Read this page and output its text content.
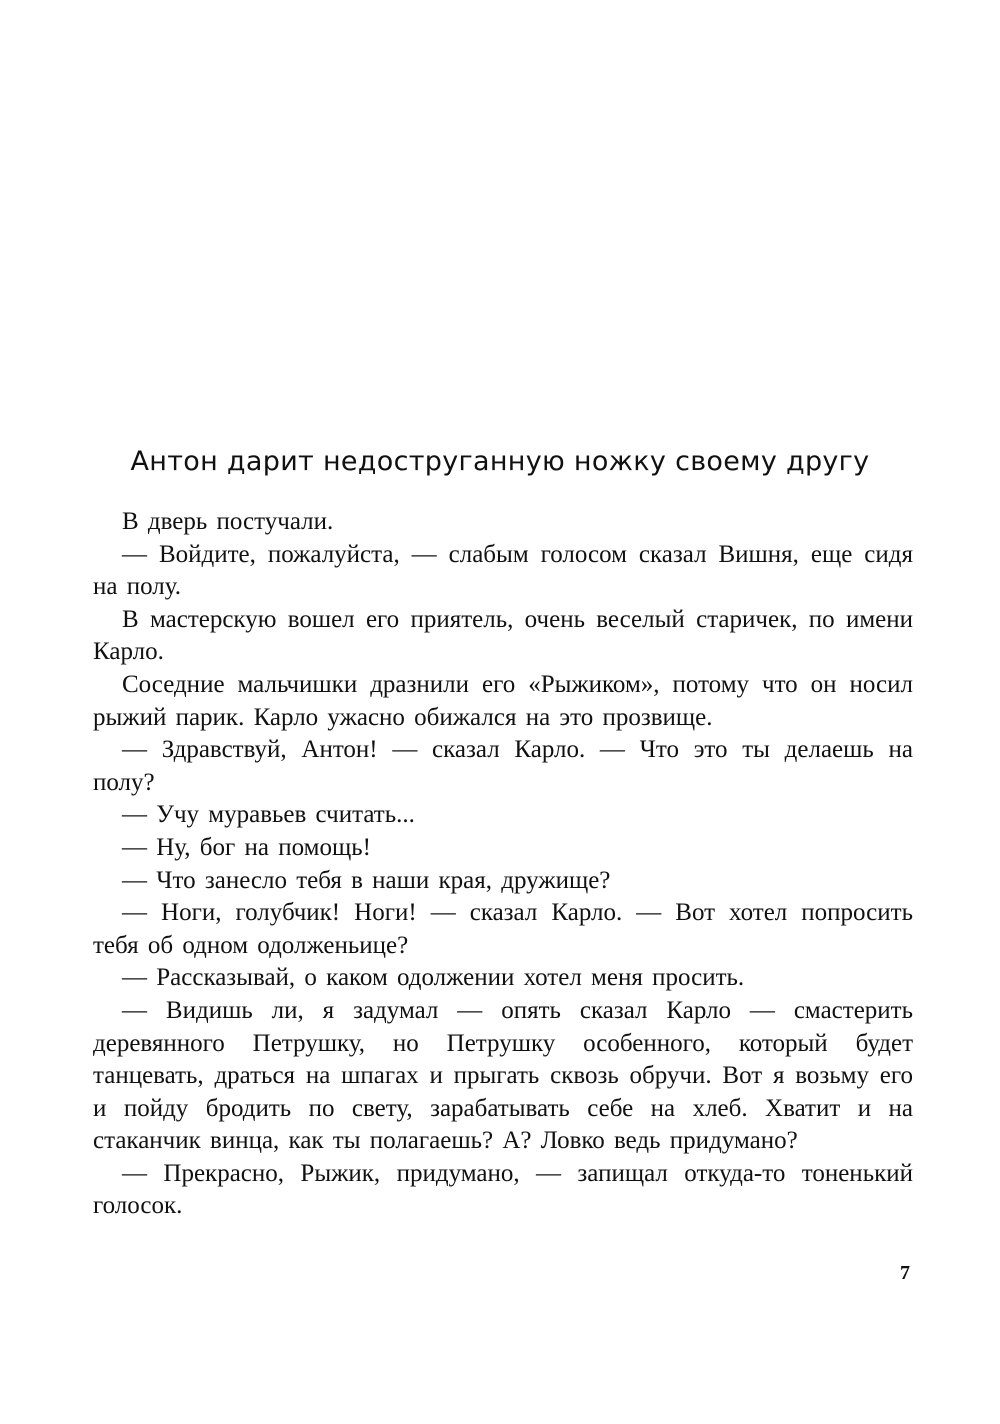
Антон дарит недоструганную ножку своему другу

В дверь постучали.

— Войдите, пожалуйста, — слабым голосом сказал Вишня, еще сидя на полу.

В мастерскую вошел его приятель, очень веселый старичек, по имени Карло.

Соседние мальчишки дразнили его «Рыжиком», потому что он носил рыжий парик. Карло ужасно обижался на это прозвище.

— Здравствуй, Антон! — сказал Карло. — Что это ты делаешь на полу?

— Учу муравьев считать...

— Ну, бог на помощь!

— Что занесло тебя в наши края, дружище?

— Ноги, голубчик! Ноги! — сказал Карло. — Вот хотел попросить тебя об одном одолженьице?

— Рассказывай, о каком одолжении хотел меня просить.

— Видишь ли, я задумал — опять сказал Карло — смастерить деревянного Петрушку, но Петрушку особенного, который будет танцевать, драться на шпагах и прыгать сквозь обручи. Вот я возьму его и пойду бродить по свету, зарабатывать себе на хлеб. Хватит и на стаканчик винца, как ты полагаешь? А? Ловко ведь придумано?

— Прекрасно, Рыжик, придумано, — запищал откуда-то тоненький голосок.

7
